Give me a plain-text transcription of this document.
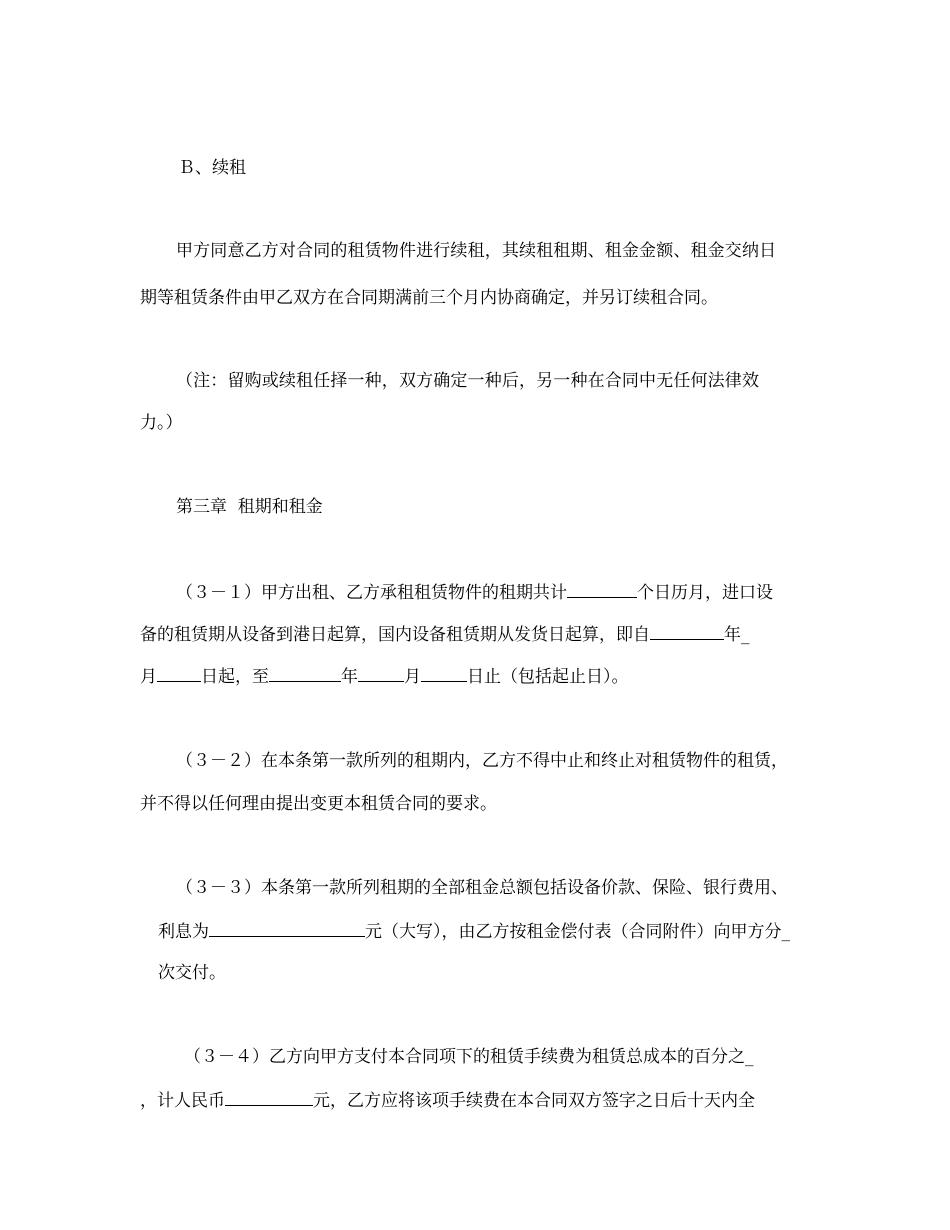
Ｂ、续租
甲方同意乙方对合同的租赁物件进行续租，其续租租期、租金金额、租金交纳日
期等租赁条件由甲乙双方在合同期满前三个月内协商确定，并另订续租合同。
（注：留购或续租任择一种，双方确定一种后，另一种在合同中无任何法律效
力。）
第三章  租期和租金
（３－１）甲方出租、乙方承租租赁物件的租期共计	个日历月，进口设
备的租赁期从设备到港日起算，国内设备租赁期从发货日起算，即自	年_
月	日起，至	年	月	日止（包括起止日）。
（３－２）在本条第一款所列的租期内，乙方不得中止和终止对租赁物件的租赁，
并不得以任何理由提出变更本租赁合同的要求。
（３－３）本条第一款所列租期的全部租金总额包括设备价款、保险、银行费用、
利息为	元（大写），由乙方按租金偿付表（合同附件）向甲方分_
次交付。
（３－４）乙方向甲方支付本合同项下的租赁手续费为租赁总成本的百分之_
，计人民币	元，乙方应将该项手续费在本合同双方签字之日后十天内全
